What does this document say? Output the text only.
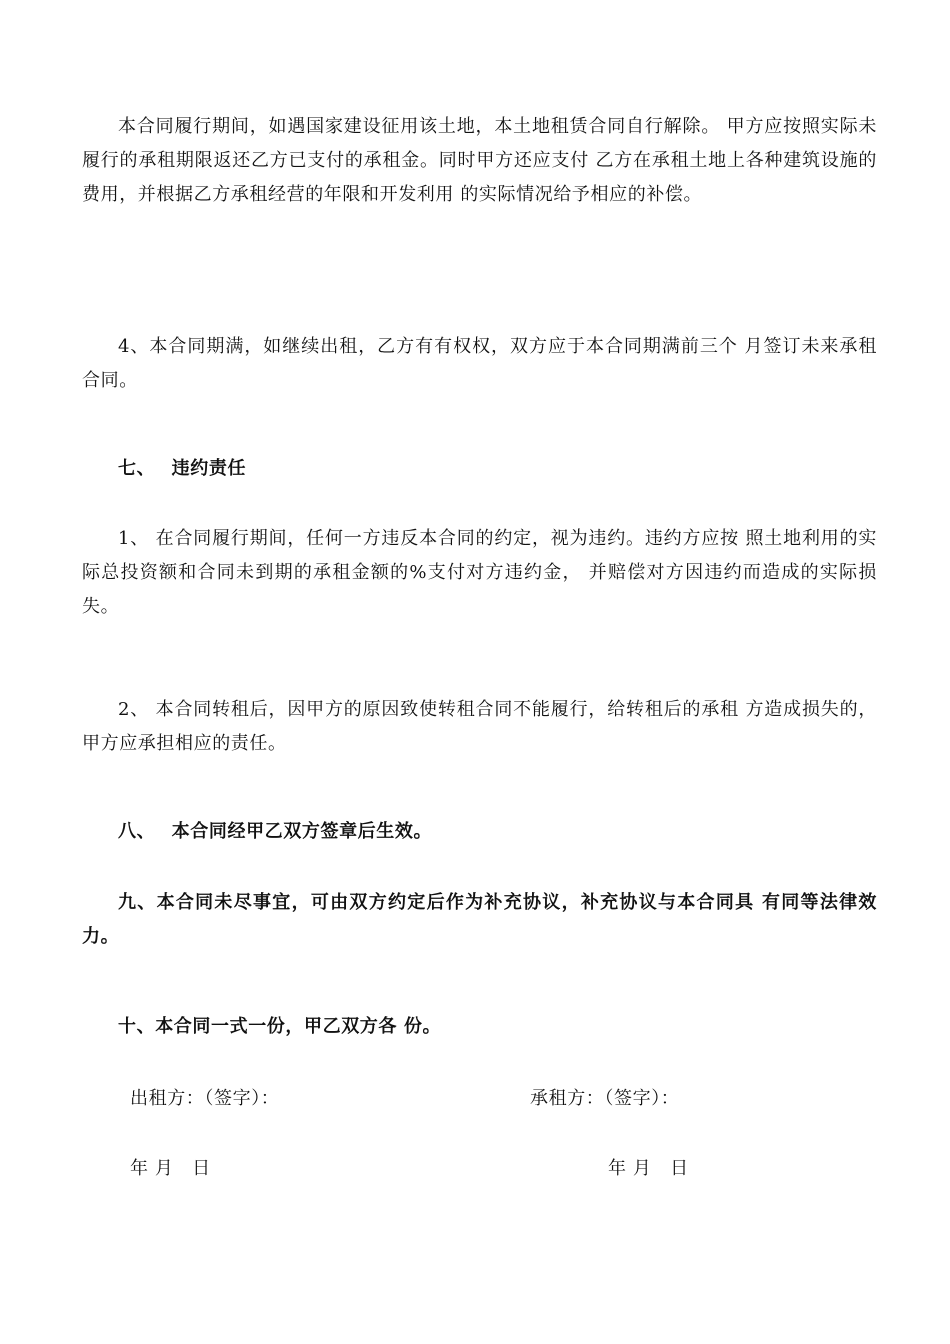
本合同履行期间，如遇国家建设征用该土地，本土地租赁合同自行解除。 甲方应按照实际未履行的承租期限返还乙方已支付的承租金。同时甲方还应支付 乙方在承租土地上各种建筑设施的费用，并根据乙方承租经营的年限和开发利用 的实际情况给予相应的补偿。

4、本合同期满，如继续出租，乙方有有权权，双方应于本合同期满前三个 月签订未来承租合同。

七、　 违约责任

1、 在合同履行期间，任何一方违反本合同的约定，视为违约。违约方应按 照土地利用的实际总投资额和合同未到期的承租金额的%支付对方违约金， 并赔偿对方因违约而造成的实际损失。

2、 本合同转租后，因甲方的原因致使转租合同不能履行，给转租后的承租 方造成损失的，甲方应承担相应的责任。

八、　 本合同经甲乙双方签章后生效。

九、本合同未尽事宜，可由双方约定后作为补充协议，补充协议与本合同具 有同等法律效力。

十、本合同一式一份，甲乙双方各 份。

出租方：（签字）：	承租方：（签字）：

年 月　日	年 月　日
